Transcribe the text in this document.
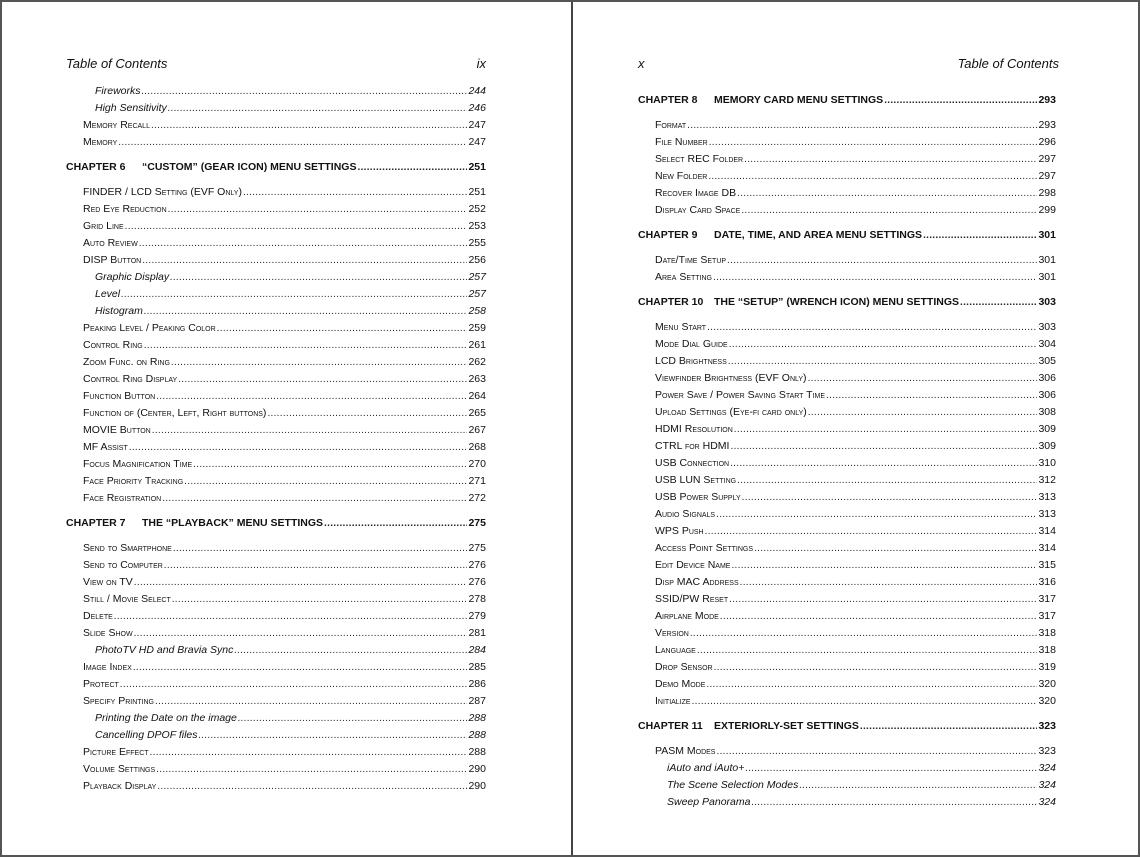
Table of Contents	ix
Fireworks .....	244
High Sensitivity .....	246
Memory Recall .....	247
Memory .....	247
CHAPTER 6 “CUSTOM” (GEAR ICON) MENU SETTINGS .....	251
FINDER / LCD Setting (EVF Only) .....	251
Red Eye Reduction .....	252
Grid Line .....	253
Auto Review .....	255
DISP Button .....	256
Graphic Display .....	257
Level .....	257
Histogram .....	258
Peaking Level / Peaking Color .....	259
Control Ring .....	261
Zoom Func. on Ring .....	262
Control Ring Display .....	263
Function Button .....	264
Function of (Center, Left, Right buttons) .....	265
MOVIE Button .....	267
MF Assist .....	268
Focus Magnification Time .....	270
Face Priority Tracking .....	271
Face Registration .....	272
CHAPTER 7 THE “PLAYBACK” MENU SETTINGS .....	275
Send to Smartphone .....	275
Send to Computer .....	276
View on TV .....	276
Still / Movie Select .....	278
Delete .....	279
Slide Show .....	281
PhotoTV HD and Bravia Sync .....	284
Image Index .....	285
Protect .....	286
Specify Printing .....	287
Printing the Date on the image .....	288
Cancelling DPOF files .....	288
Picture Effect .....	288
Volume Settings .....	290
Playback Display .....	290
x	Table of Contents
CHAPTER 8 MEMORY CARD MENU SETTINGS .....	293
Format .....	293
File Number .....	296
Select REC Folder .....	297
New Folder .....	297
Recover Image DB .....	298
Display Card Space .....	299
CHAPTER 9 DATE, TIME, AND AREA MENU SETTINGS .....	301
Date/Time Setup .....	301
Area Setting .....	301
CHAPTER 10 THE “SETUP” (WRENCH ICON) MENU SETTINGS .....	303
Menu Start .....	303
Mode Dial Guide .....	304
LCD Brightness .....	305
Viewfinder Brightness (EVF Only) .....	306
Power Save / Power Saving Start Time .....	306
Upload Settings (Eye-fi card only) .....	308
HDMI Resolution .....	309
CTRL for HDMI .....	309
USB Connection .....	310
USB LUN Setting .....	312
USB Power Supply .....	313
Audio Signals .....	313
WPS Push .....	314
Access Point Settings .....	314
Edit Device Name .....	315
Disp MAC Address .....	316
SSID/PW Reset .....	317
Airplane Mode .....	317
Version .....	318
Language .....	318
Drop Sensor .....	319
Demo Mode .....	320
Initialize .....	320
CHAPTER 11 EXTERIORLY-SET SETTINGS .....	323
PASM Modes .....	323
iAuto and iAuto+ .....	324
The Scene Selection Modes .....	324
Sweep Panorama .....	324
